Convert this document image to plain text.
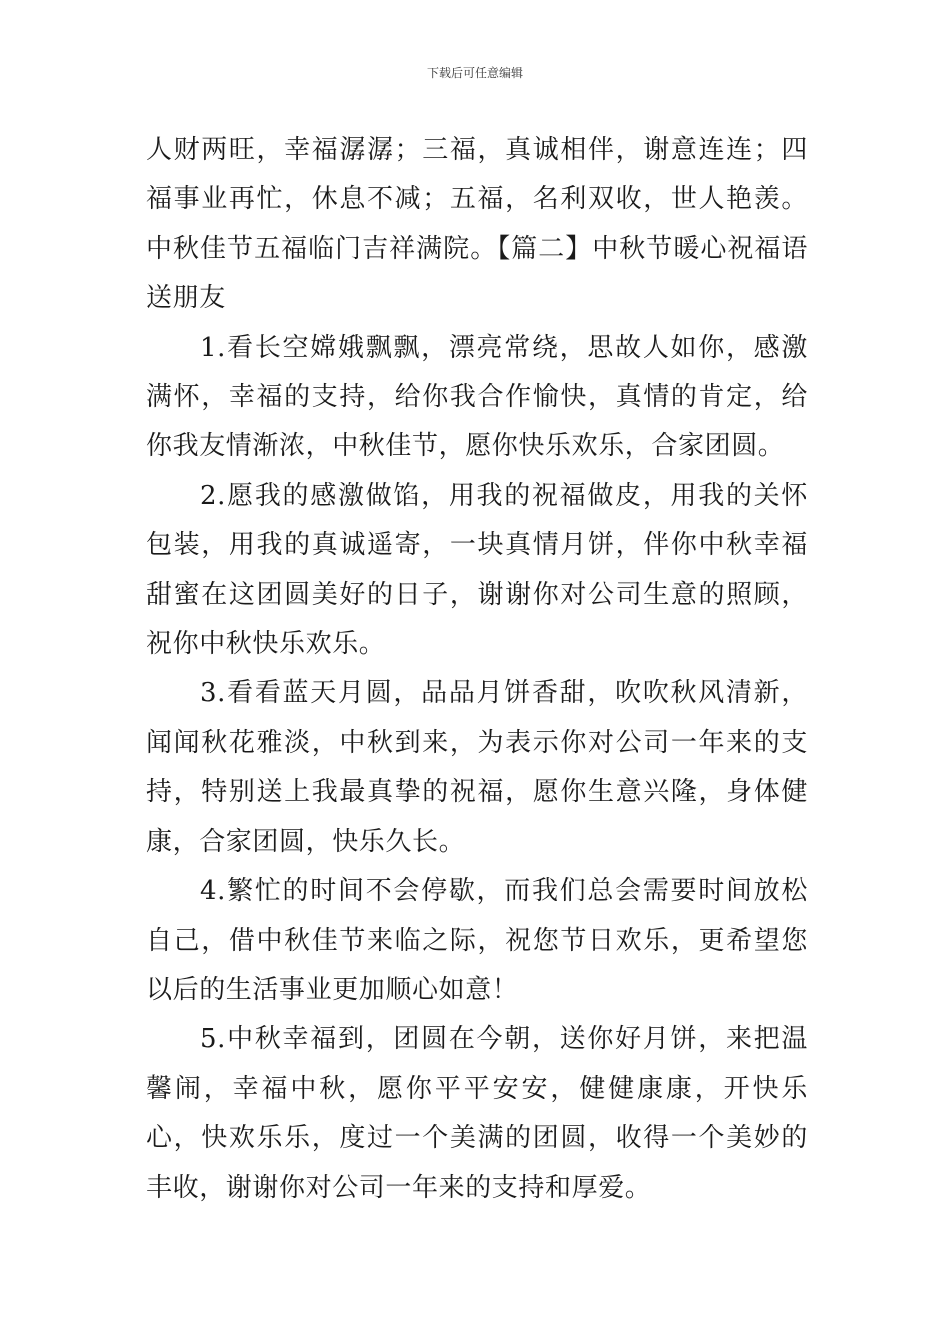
下载后可任意编辑

人财两旺，幸福潺潺；三福，真诚相伴，谢意连连；四福事业再忙，休息不减；五福，名利双收，世人艳羡。中秋佳节五福临门吉祥满院。【篇二】中秋节暖心祝福语送朋友

1.看长空嫦娥飘飘，漂亮常绕，思故人如你，感激满怀，幸福的支持，给你我合作愉快，真情的肯定，给你我友情渐浓，中秋佳节，愿你快乐欢乐，合家团圆。

2.愿我的感激做馅，用我的祝福做皮，用我的关怀包装，用我的真诚遥寄，一块真情月饼，伴你中秋幸福甜蜜在这团圆美好的日子，谢谢你对公司生意的照顾，祝你中秋快乐欢乐。

3.看看蓝天月圆，品品月饼香甜，吹吹秋风清新，闻闻秋花雅淡，中秋到来，为表示你对公司一年来的支持，特别送上我最真挚的祝福，愿你生意兴隆，身体健康，合家团圆，快乐久长。

4.繁忙的时间不会停歇，而我们总会需要时间放松自己，借中秋佳节来临之际，祝您节日欢乐，更希望您以后的生活事业更加顺心如意！

5.中秋幸福到，团圆在今朝，送你好月饼，来把温馨闹，幸福中秋，愿你平平安安，健健康康，开快乐心，快欢乐乐，度过一个美满的团圆，收得一个美妙的丰收，谢谢你对公司一年来的支持和厚爱。
